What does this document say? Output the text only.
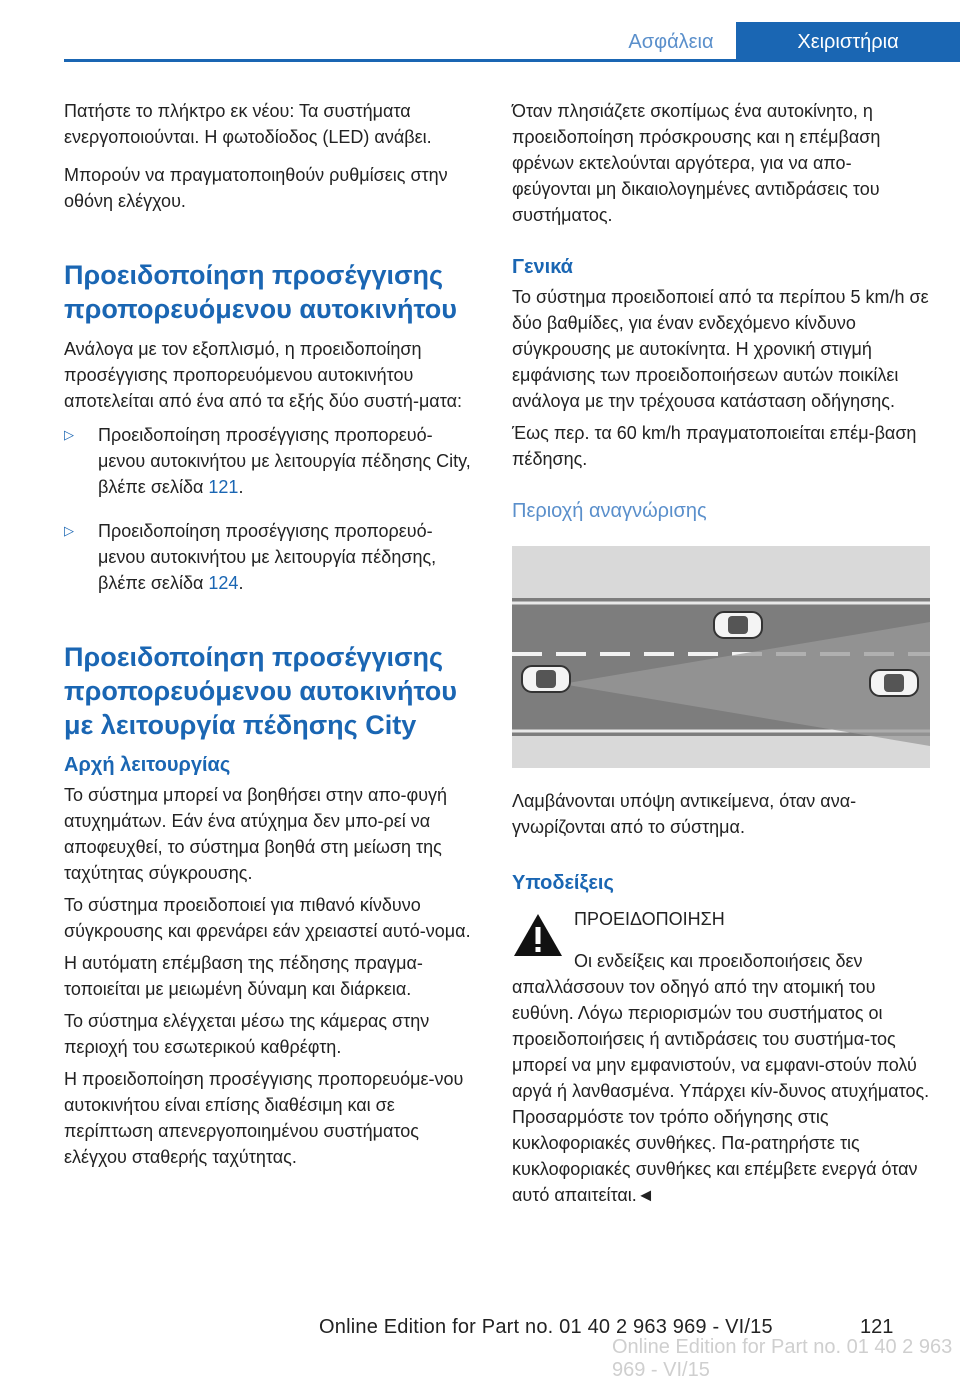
Ασφάλεια	Χειριστήρια

Πατήστε το πλήκτρο εκ νέου: Τα συστήματα ενεργοποιούνται. Η φωτοδίοδος (LED) ανάβει.

Μπορούν να πραγματοποιηθούν ρυθμίσεις στην οθόνη ελέγχου.

Προειδοποίηση προσέγγισης προπορευόμενου αυτοκινήτου

Ανάλογα με τον εξοπλισμό, η προειδοποίηση προσέγγισης προπορευόμενου αυτοκινήτου αποτελείται από ένα από τα εξής δύο συστή‐ματα:

▷	Προειδοποίηση προσέγγισης προπορευό‐μενου αυτοκινήτου με λειτουργία πέδησης City, βλέπε σελίδα 121.
▷	Προειδοποίηση προσέγγισης προπορευό‐μενου αυτοκινήτου με λειτουργία πέδησης, βλέπε σελίδα 124.
Προειδοποίηση προσέγγισης προπορευόμενου αυτοκινήτου με λειτουργία πέδησης City
Αρχή λειτουργίας

Το σύστημα μπορεί να βοηθήσει στην απο‐φυγή ατυχημάτων. Εάν ένα ατύχημα δεν μπο‐ρεί να αποφευχθεί, το σύστημα βοηθά στη μείωση της ταχύτητας σύγκρουσης.

Το σύστημα προειδοποιεί για πιθανό κίνδυνο σύγκρουσης και φρενάρει εάν χρειαστεί αυτό‐νομα.

Η αυτόματη επέμβαση της πέδησης πραγμα‐τοποιείται με μειωμένη δύναμη και διάρκεια.

Το σύστημα ελέγχεται μέσω της κάμερας στην περιοχή του εσωτερικού καθρέφτη.

Η προειδοποίηση προσέγγισης προπορευόμε‐νου αυτοκινήτου είναι επίσης διαθέσιμη και σε περίπτωση απενεργοποιημένου συστήματος ελέγχου σταθερής ταχύτητας.

Όταν πλησιάζετε σκοπίμως ένα αυτοκίνητο, η προειδοποίηση πρόσκρουσης και η επέμβαση φρένων εκτελούνται αργότερα, για να απο‐φεύγονται μη δικαιολογημένες αντιδράσεις του συστήματος.

Γενικά

Το σύστημα προειδοποιεί από τα περίπου 5 km/h σε δύο βαθμίδες, για έναν ενδεχόμενο κίνδυνο σύγκρουσης με αυτοκίνητα. Η χρονική στιγμή εμφάνισης των προειδοποιήσεων αυτών ποικίλει ανάλογα με την τρέχουσα κατάσταση οδήγησης.

Έως περ. τα 60 km/h πραγματοποιείται επέμ‐βαση πέδησης.

Περιοχή αναγνώρισης

Λαμβάνονται υπόψη αντικείμενα, όταν ανα‐γνωρίζονται από το σύστημα.

Υποδείξεις
ΠΡΟΕΙΔΟΠΟΙΗΣΗ

Οι ενδείξεις και προειδοποιήσεις δεν απαλλάσσουν τον οδηγό από την ατομική του ευθύνη. Λόγω περιορισμών του συστήματος οι προειδοποιήσεις ή αντιδράσεις του συστήμα‐τος μπορεί να μην εμφανιστούν, να εμφανι‐στούν πολύ αργά ή λανθασμένα. Υπάρχει κίν‐δυνος ατυχήματος. Προσαρμόστε τον τρόπο οδήγησης στις κυκλοφοριακές συνθήκες. Πα‐ρατηρήστε τις κυκλοφοριακές συνθήκες και επέμβετε ενεργά όταν αυτό απαιτείται.◄

Online Edition for Part no. 01 40 2 963 969 - VI/15	121
Online Edition for Part no. 01 40 2 963 969 - VI/15
